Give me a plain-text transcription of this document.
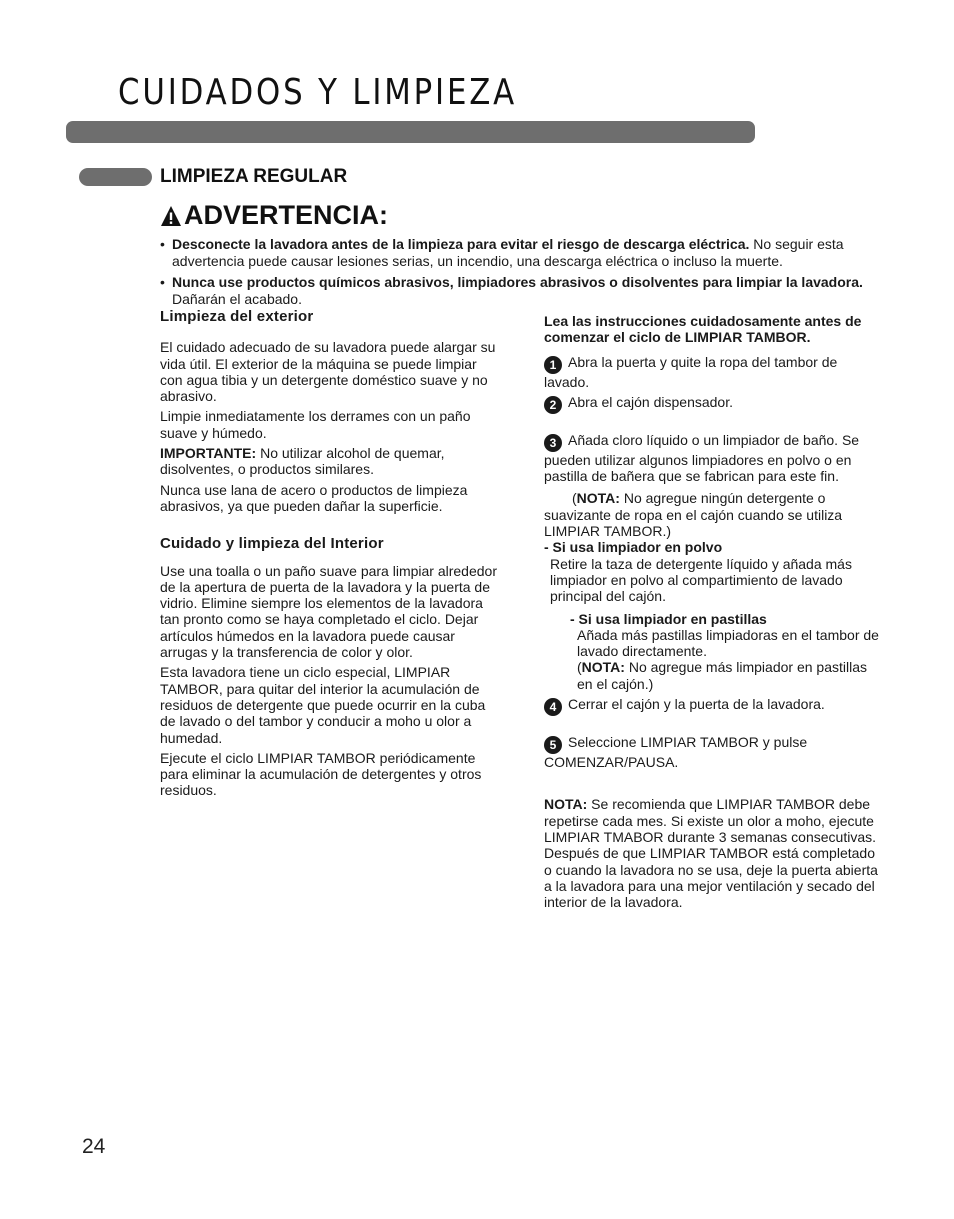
CUIDADOS Y LIMPIEZA
LIMPIEZA REGULAR
ADVERTENCIA:
• Desconecte la lavadora antes de la limpieza para evitar el riesgo de descarga eléctrica. No seguir esta advertencia puede causar lesiones serias, un incendio, una descarga eléctrica o incluso la muerte.
• Nunca use productos químicos abrasivos, limpiadores abrasivos o disolventes para limpiar la lavadora. Dañarán el acabado.
Limpieza del exterior

El cuidado adecuado de su lavadora puede alargar su vida útil. El exterior de la máquina se puede limpiar con agua tibia y un detergente doméstico suave y no abrasivo.

Limpie inmediatamente los derrames con un paño suave y húmedo.

IMPORTANTE: No utilizar alcohol de quemar, disolventes, o productos similares.

Nunca use lana de acero o productos de limpieza abrasivos, ya que pueden dañar la superficie.

Cuidado y limpieza del Interior

Use una toalla o un paño suave para limpiar alrededor de la apertura de puerta de la lavadora y la puerta de vidrio. Elimine siempre los elementos de la lavadora tan pronto como se haya completado el ciclo. Dejar artículos húmedos en la lavadora puede causar arrugas y la transferencia de color y olor.

Esta lavadora tiene un ciclo especial, LIMPIAR TAMBOR, para quitar del interior la acumulación de residuos de detergente que puede ocurrir en la cuba de lavado o del tambor y conducir a moho u olor a humedad.

Ejecute el ciclo LIMPIAR TAMBOR periódicamente para eliminar la acumulación de detergentes y otros residuos.

Lea las instrucciones cuidadosamente antes de comenzar el ciclo de LIMPIAR TAMBOR.

1 Abra la puerta y quite la ropa del tambor de lavado.

2 Abra el cajón dispensador.

3 Añada cloro líquido o un limpiador de baño. Se pueden utilizar algunos limpiadores en polvo o en pastilla de bañera que se fabrican para este fin.

(NOTA: No agregue ningún detergente o suavizante de ropa en el cajón cuando se utiliza LIMPIAR TAMBOR.)

- Si usa limpiador en polvo

Retire la taza de detergente líquido y añada más limpiador en polvo al compartimiento de lavado principal del cajón.

- Si usa limpiador en pastillas

Añada más pastillas limpiadoras en el tambor de lavado directamente.

(NOTA: No agregue más limpiador en pastillas en el cajón.)

4 Cerrar el cajón y la puerta de la lavadora.

5 Seleccione LIMPIAR TAMBOR y pulse COMENZAR/PAUSA.

NOTA: Se recomienda que LIMPIAR TAMBOR debe repetirse cada mes. Si existe un olor a moho, ejecute LIMPIAR TMABOR durante 3 semanas consecutivas. Después de que LIMPIAR TAMBOR está completado o cuando la lavadora no se usa, deje la puerta abierta a la lavadora para una mejor ventilación y secado del interior de la lavadora.

24
